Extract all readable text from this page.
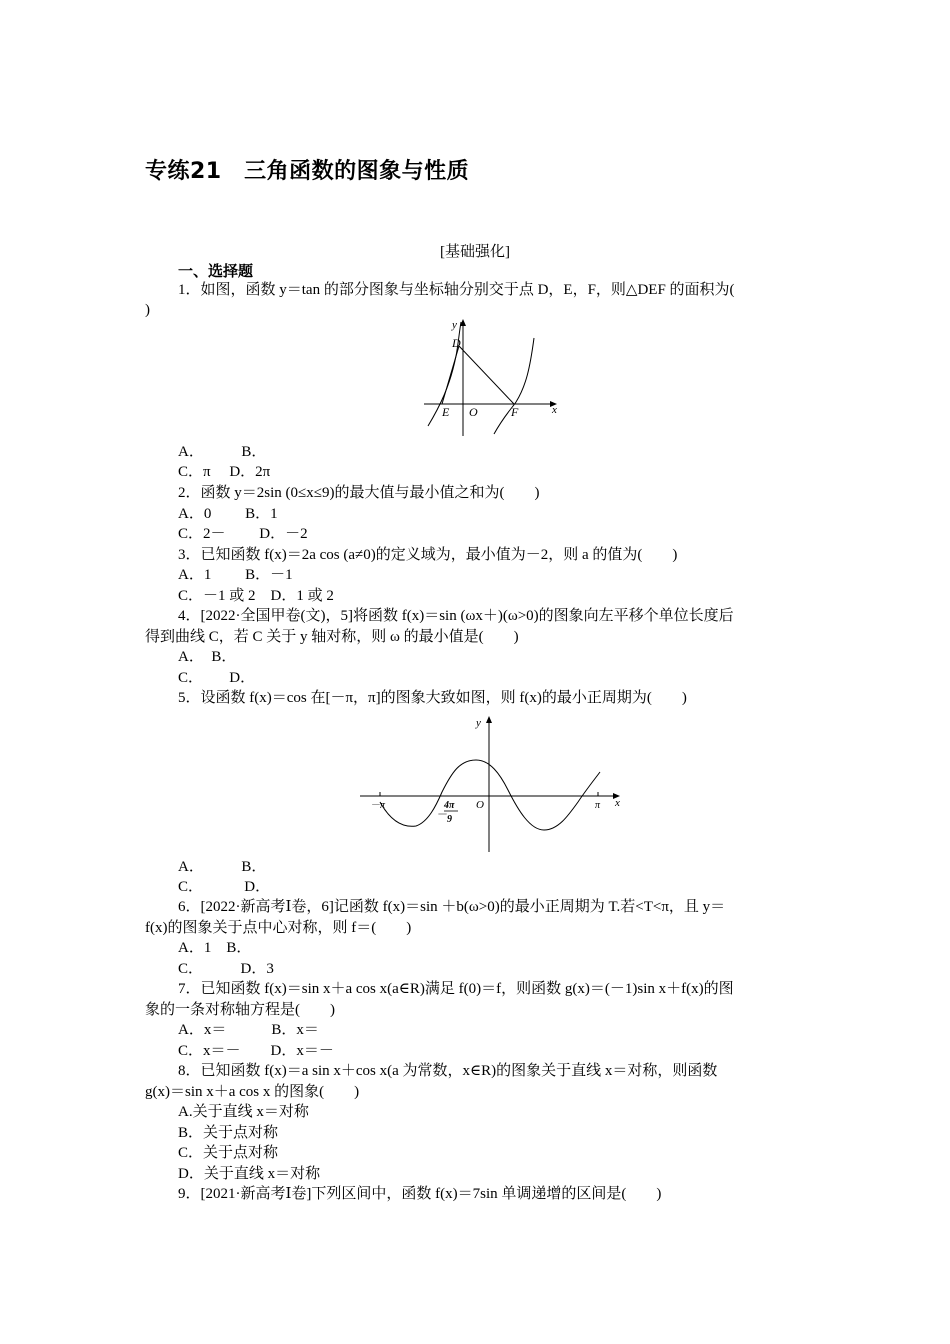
专练21　三角函数的图象与性质
[基础强化]
一、选择题
1．如图，函数 y＝tan 的部分图象与坐标轴分别交于点 D，E，F，则△DEF 的面积为(
)
y
x
D
E O	F
A．　　　B．
C．π　 D．2π
2．函数 y＝2sin (0≤x≤9)的最大值与最小值之和为(　　)
A．0　　 B．1
C．2－　　 D．－2
3．已知函数 f(x)＝2a cos (a≠0)的定义域为，最小值为－2，则 a 的值为(　　)
A．1　　 B．－1
C．－1 或 2　D．1 或 2
4．[2022·全国甲卷(文)，5]将函数 f(x)＝sin (ωx＋)(ω>0)的图象向左平移个单位长度后
得到曲线 C，若 C 关于 y 轴对称，则 ω 的最小值是(　　)
A．　B．
C．　　 D．
5．设函数 f(x)＝cos 在[－π，π]的图象大致如图，则 f(x)的最小正周期为(　　)
－π	π
y
x
O
－
4π
9
A．　　　B．
C．　　　 D．
6．[2022·新高考Ⅰ卷，6]记函数 f(x)＝sin ＋b(ω>0)的最小正周期为 T.若<T<π，且 y＝
f(x)的图象关于点中心对称，则 f＝(　　)
A．1　B．
C．　　　D．3
7．已知函数 f(x)＝sin x＋a cos x(a∈R)满足 f(0)＝f，则函数 g(x)＝(－1)sin x＋f(x)的图
象的一条对称轴方程是(　　)
A．x＝　　　B．x＝
C．x＝－　　D．x＝－
8．已知函数 f(x)＝a sin x＋cos x(a 为常数，x∈R)的图象关于直线 x＝对称，则函数
g(x)＝sin x＋a cos x 的图象(　　)
A.关于直线 x＝对称
B．关于点对称
C．关于点对称
D．关于直线 x＝对称
9．[2021·新高考Ⅰ卷]下列区间中，函数 f(x)＝7sin 单调递增的区间是(　　)
